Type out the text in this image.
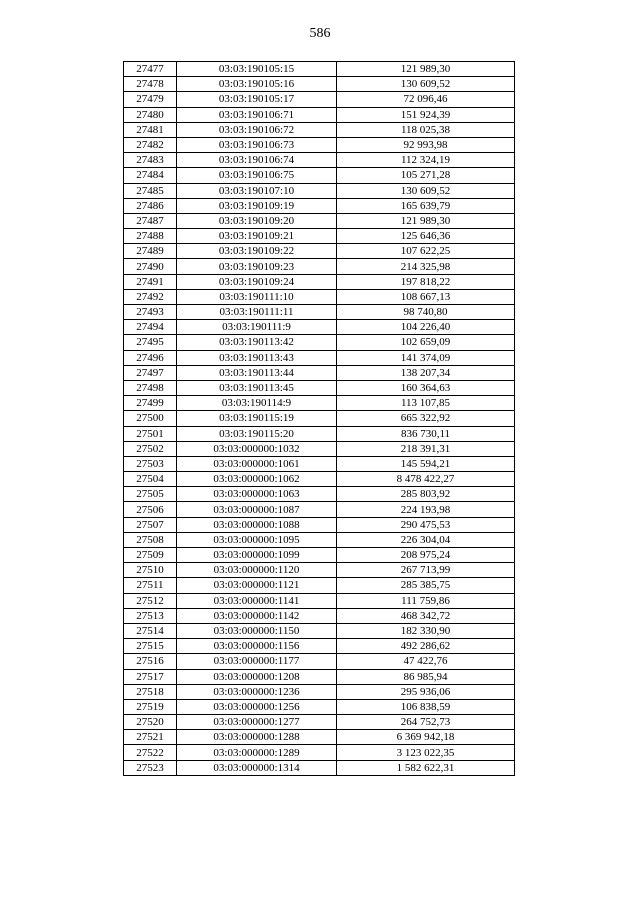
586
27477	03:03:190105:15	121 989,30
27478	03:03:190105:16	130 609,52
27479	03:03:190105:17	72 096,46
27480	03:03:190106:71	151 924,39
27481	03:03:190106:72	118 025,38
27482	03:03:190106:73	92 993,98
27483	03:03:190106:74	112 324,19
27484	03:03:190106:75	105 271,28
27485	03:03:190107:10	130 609,52
27486	03:03:190109:19	165 639,79
27487	03:03:190109:20	121 989,30
27488	03:03:190109:21	125 646,36
27489	03:03:190109:22	107 622,25
27490	03:03:190109:23	214 325,98
27491	03:03:190109:24	197 818,22
27492	03:03:190111:10	108 667,13
27493	03:03:190111:11	98 740,80
27494	03:03:190111:9	104 226,40
27495	03:03:190113:42	102 659,09
27496	03:03:190113:43	141 374,09
27497	03:03:190113:44	138 207,34
27498	03:03:190113:45	160 364,63
27499	03:03:190114:9	113 107,85
27500	03:03:190115:19	665 322,92
27501	03:03:190115:20	836 730,11
27502	03:03:000000:1032	218 391,31
27503	03:03:000000:1061	145 594,21
27504	03:03:000000:1062	8 478 422,27
27505	03:03:000000:1063	285 803,92
27506	03:03:000000:1087	224 193,98
27507	03:03:000000:1088	290 475,53
27508	03:03:000000:1095	226 304,04
27509	03:03:000000:1099	208 975,24
27510	03:03:000000:1120	267 713,99
27511	03:03:000000:1121	285 385,75
27512	03:03:000000:1141	111 759,86
27513	03:03:000000:1142	468 342,72
27514	03:03:000000:1150	182 330,90
27515	03:03:000000:1156	492 286,62
27516	03:03:000000:1177	47 422,76
27517	03:03:000000:1208	86 985,94
27518	03:03:000000:1236	295 936,06
27519	03:03:000000:1256	106 838,59
27520	03:03:000000:1277	264 752,73
27521	03:03:000000:1288	6 369 942,18
27522	03:03:000000:1289	3 123 022,35
27523	03:03:000000:1314	1 582 622,31
